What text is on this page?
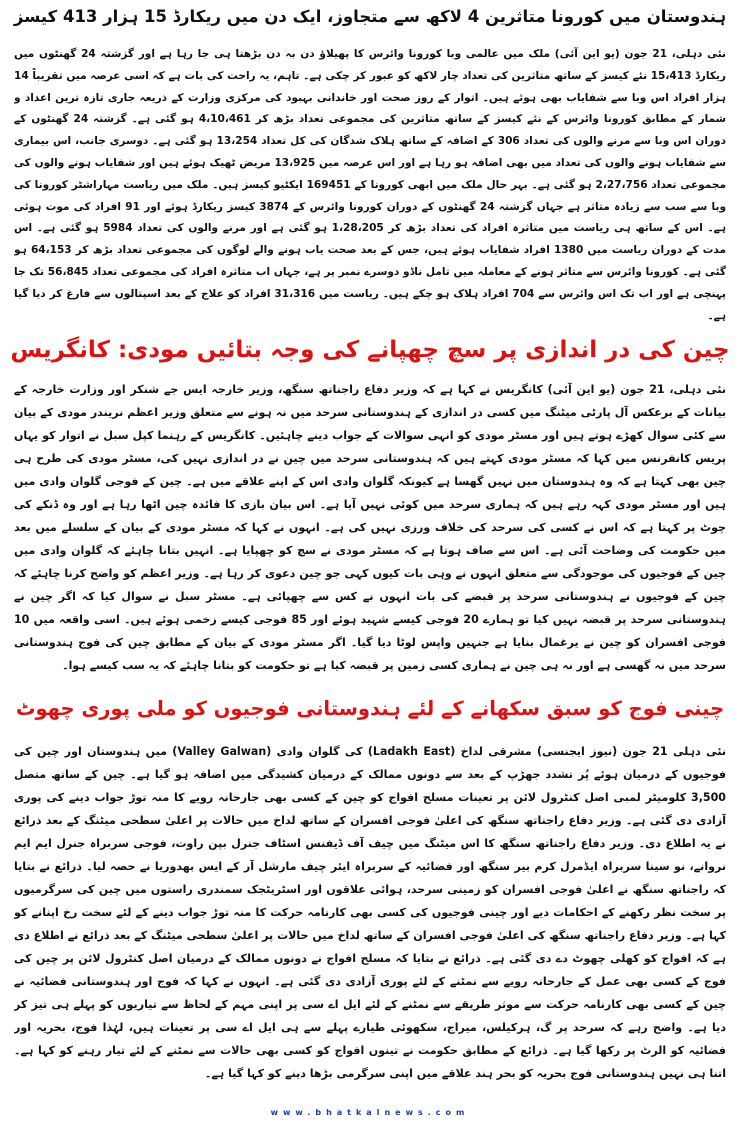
ہندوستان میں کورونا متاثرین 4 لاکھ سے متجاوز، ایک دن میں ریکارڈ 15 ہزار 413 کیسز
نئی دہلی، 21 جون (یو این آئی) ملک میں عالمی وبا کورونا وائرس کا پھیلاؤ دن بہ دن بڑھتا ہی جا رہا ہے اور گزشتہ 24 گھنٹوں میں ریکارڈ 15،413 نئے کیسز کے ساتھ متاثرین کی تعداد چار لاکھ کو عبور کر چکی ہے۔ تاہم، یہ راحت کی بات ہے کہ اسی عرصہ میں تقریباً 14 ہزار افراد اس وبا سے شفایاب بھی ہوئے ہیں۔ اتوار کے روز صحت اور خاندانی بہبود کی مرکزی وزارت کے ذریعہ جاری تازہ ترین اعداد و شمار کے مطابق کورونا وائرس کے نئے کیسز کے ساتھ متاثرین کی مجموعی تعداد بڑھ کر 4،10،461 ہو گئی ہے۔ گزشتہ 24 گھنٹوں کے دوران اس وبا سے مرنے والوں کی تعداد 306 کے اضافہ کے ساتھ ہلاک شدگان کی کل تعداد 13،254 ہو گئی ہے۔ دوسری جانب، اس بیماری سے شفایاب ہونے والوں کی تعداد میں بھی اضافہ ہو رہا ہے اور اس عرصہ میں 13،925 مریض ٹھیک ہوئے ہیں اور شفایاب ہونے والوں کی مجموعی تعداد 2،27،756 ہو گئی ہے۔ بہر حال ملک میں ابھی کورونا کے 169451 ایکٹیو کیسز ہیں۔ ملک میں ریاست مہاراشٹر کورونا کی وبا سے سب سے زیادہ متاثر ہے جہاں گزشتہ 24 گھنٹوں کے دوران کورونا وائرس کے 3874 کیسز ریکارڈ ہوئے اور 91 افراد کی موت ہوئی ہے۔ اس کے ساتھ ہی ریاست میں متاثرہ افراد کی تعداد بڑھ کر 1،28،205 ہو گئی ہے اور مرنے والوں کی تعداد 5984 ہو گئی ہے۔ اس مدت کے دوران ریاست میں 1380 افراد شفایاب ہوئے ہیں، جس کے بعد صحت یاب ہونے والے لوگوں کی مجموعی تعداد بڑھ کر 64،153 ہو گئی ہے۔ کورونا وائرس سے متاثر ہونے کے معاملہ میں تامل ناڈو دوسرے نمبر پر ہے، جہاں اب متاثرہ افراد کی مجموعی تعداد 56،845 تک جا پہنچی ہے اور اب تک اس وائرس سے 704 افراد ہلاک ہو چکے ہیں۔ ریاست میں 31،316 افراد کو علاج کے بعد اسپتالوں سے فارغ کر دیا گیا ہے۔
چین کی در اندازی پر سچ چھپانے کی وجہ بتائیں مودی: کانگریس
نئی دہلی، 21 جون (یو این آئی) کانگریس نے کہا ہے کہ وزیر دفاع راجناتھ سنگھ، وزیر خارجہ ایس جے شنکر اور وزارت خارجہ کے بیانات کے برعکس آل پارٹی میٹنگ میں کسی در اندازی کے ہندوستانی سرحد میں نہ ہونے سے متعلق وزیر اعظم نریندر مودی کے بیان سے کئی سوال کھڑے ہوتے ہیں اور مسٹر مودی کو انہی سوالات کے جواب دینے چاہئیں۔ کانگریس کے رہنما کپل سبل نے اتوار کو یہاں پریس کانفرنس میں کہا کہ مسٹر مودی کہتے ہیں کہ ہندوستانی سرحد میں چین نے در اندازی نہیں کی، مسٹر مودی کی طرح ہی چین بھی کہتا ہے کہ وہ ہندوستان میں نہیں گھسا ہے کیونکہ گلوان وادی اس کے اپنے علاقے میں ہے۔ چین کے فوجی گلوان وادی میں ہیں اور مسٹر مودی کہہ رہے ہیں کہ ہماری سرحد میں کوئی نہیں آیا ہے۔ اس بیان بازی کا فائدہ چین اٹھا رہا ہے اور وہ ڈنکے کی چوٹ پر کہتا ہے کہ اس نے کسی کی سرحد کی خلاف ورزی نہیں کی ہے۔ انہوں نے کہا کہ مسٹر مودی کے بیان کے سلسلے میں بعد میں حکومت کی وضاحت آئی ہے۔ اس سے صاف ہوتا ہے کہ مسٹر مودی نے سچ کو چھپایا ہے۔ انہیں بتانا چاہئے کہ گلوان وادی میں چین کے فوجیوں کی موجودگی سے متعلق انہوں نے وہی بات کیوں کہی جو چین دعوی کر رہا ہے۔ وزیر اعظم کو واضح کرنا چاہئے کہ چین کے فوجیوں نے ہندوستانی سرحد پر قبضے کی بات انہوں نے کس سے چھپائی ہے۔ مسٹر سبل نے سوال کیا کہ اگر چین نے ہندوستانی سرحد پر قبضہ نہیں کیا تو ہمارے 20 فوجی کیسے شہید ہوئے اور 85 فوجی کیسے زخمی ہوئے ہیں۔ اسی واقعہ میں 10 فوجی افسران کو چین نے یرغمال بنایا ہے جنہیں واپس لوٹا دیا گیا۔ اگر مسٹر مودی کے بیان کے مطابق چین کی فوج ہندوستانی سرحد میں نہ گھسی ہے اور نہ ہی چین نے ہماری کسی زمین پر قبضہ کیا ہے تو حکومت کو بتانا چاہئے کہ یہ سب کیسے ہوا۔
چینی فوج کو سبق سکھانے کے لئے ہندوستانی فوجیوں کو ملی پوری چھوٹ
نئی دہلی 21 جون (نیوز ایجنسی) مشرقی لداخ (Ladakh East) کی گلوان وادی (Valley Galwan) میں ہندوستان اور چین کی فوجیوں کے درمیان ہوئے پُر تشدد جھڑپ کے بعد سے دونوں ممالک کے درمیان کشیدگی میں اضافہ ہو گیا ہے۔ چین کے ساتھ متصل 3,500 کلومیٹر لمبی اصل کنٹرول لائن پر تعینات مسلح افواج کو چین کے کسی بھی جارحانہ رویے کا منہ توڑ جواب دینے کی پوری آزادی دی گئی ہے۔ وزیر دفاع راجناتھ سنگھ کی اعلیٰ فوجی افسران کے ساتھ لداخ میں حالات پر اعلیٰ سطحی میٹنگ کے بعد ذرائع نے یہ اطلاع دی۔ وزیر دفاع راجناتھ سنگھ کا اس میٹنگ میں چیف آف ڈیفنس اسٹاف جنرل بپن راوت، فوجی سربراہ جنرل ایم ایم نروانے، نو سینا سربراہ ایڈمرل کرم بیر سنگھ اور فضائیہ کے سربراہ ایئر چیف مارشل آر کے ایس بھدوریا نے حصہ لیا۔ ذرائع نے بتایا کہ راجناتھ سنگھ نے اعلیٰ فوجی افسران کو زمینی سرحد، ہوائی علاقوں اور اسٹریٹجک سمندری راستوں میں چین کی سرگرمیوں پر سخت نظر رکھنے کے احکامات دیے اور چینی فوجیوں کی کسی بھی کارنامہ حرکت کا منہ توڑ جواب دینے کے لئے سخت رخ اپنانے کو کہا ہے۔ وزیر دفاع راجناتھ سنگھ کی اعلیٰ فوجی افسران کے ساتھ لداخ میں حالات پر اعلیٰ سطحی میٹنگ کے بعد ذرائع نے اطلاع دی ہے کہ افواج کو کھلی چھوٹ دے دی گئی ہے۔ ذرائع نے بتایا کہ مسلح افواج نے دونوں ممالک کے درمیان اصل کنٹرول لائن پر چین کی فوج کے کسی بھی عمل کے جارحانہ رویے سے نمٹنے کے لئے پوری آزادی دی گئی ہے۔ انہوں نے کہا کہ فوج اور ہندوستانی فضائیہ نے چین کے کسی بھی کارنامہ حرکت سے موثر طریقے سے نمٹنے کے لئے ایل اے سی پر اپنی مہم کے لحاظ سے تیاریوں کو پہلے ہی تیز کر دیا ہے۔ واضح رہے کہ سرحد پر گ، ہرکیلس، میراج، سکھوئی طیارے پہلے سے ہی ایل اے سی پر تعینات ہیں، لہٰذا فوج، بحریہ اور فضائیہ کو الرٹ پر رکھا گیا ہے۔ ذرائع کے مطابق حکومت نے تینوں افواج کو کسی بھی حالات سے نمٹنے کے لئے تیار رہنے کو کہا ہے۔ اتنا ہی نہیں ہندوستانی فوج بحریہ کو بحر ہند علاقے میں اپنی سرگرمی بڑھا دینے کو کہا گیا ہے۔
www.bhatkalnews.com
